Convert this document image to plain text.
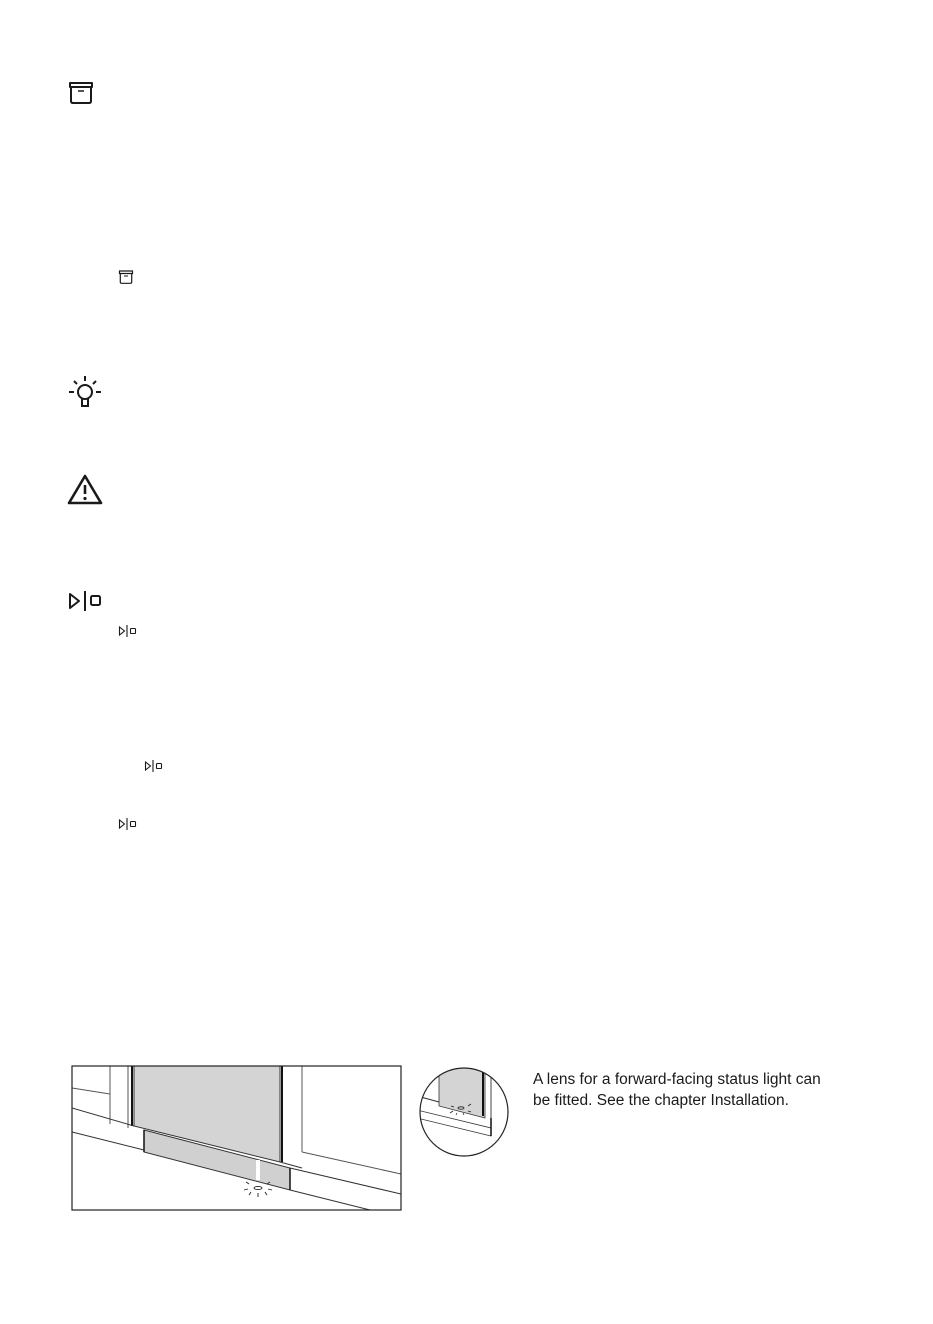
A lens for a forward-facing status light can be fitted. See the chapter Installation.
